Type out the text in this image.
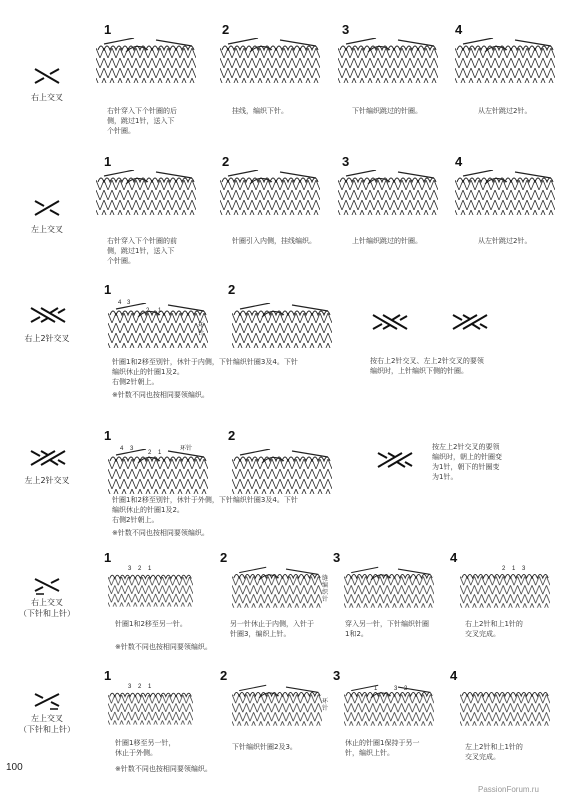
右上交叉
1
右针穿入下个针圈的后
侧，跳过1针，送入下
个针圈。
2
挂线，编织下针。
3
下针编织跳过的针圈。
4
从左针跳过2针。
左上交叉
1
右针穿入下个针圈的前
侧，跳过1针，送入下
个针圈。
2
针圈引入内侧，挂线编织。
3
上针编织跳过的针圈。
4
从左针跳过2针。
右上2针交叉
1
4 3
2 1
环
针
2
针圈1和2移至别针，休针于内侧，下针编织针圈3及4。下针
编织休止的针圈1及2。
右侧2针朝上。
※针数不同也按相同要领编织。
按右上2针交叉、左上2针交叉的要领
编织时，上针编织下侧的针圈。
左上2针交叉
1
4 3
2 1
环针
2
针圈1和2移至别针，休针于外侧，下针编织针圈3及4。下针
编织休止的针圈1及2。
右侧2针朝上。
※针数不同也按相同要领编织。
按左上2针交叉的要领
编织时，朝上的针圈变
为1针，朝下的针圈变
为1针。
右上交叉
（下针和上针）
1
3 2 1
针圈1和2移至另一针。
2
缝
编
织
针
另一针休止于内侧，入针于
针圈3，编织上针。
3
穿入另一针，下针编织针圈
1和2。
4
2 1 3
右上2针和上1针的
交叉完成。
※针数不同也按相同要领编织。
左上交叉
（下针和上针）
1
3 2 1
针圈1移至另一针，
休止于外侧。
2
环
针
下针编织针圈2及3。
3
1	3 2
休止的针圈1保持于另一
针，编织上针。
4
左上2针和上1针的
交叉完成。
※针数不同也按相同要领编织。
100
PassionForum.ru
